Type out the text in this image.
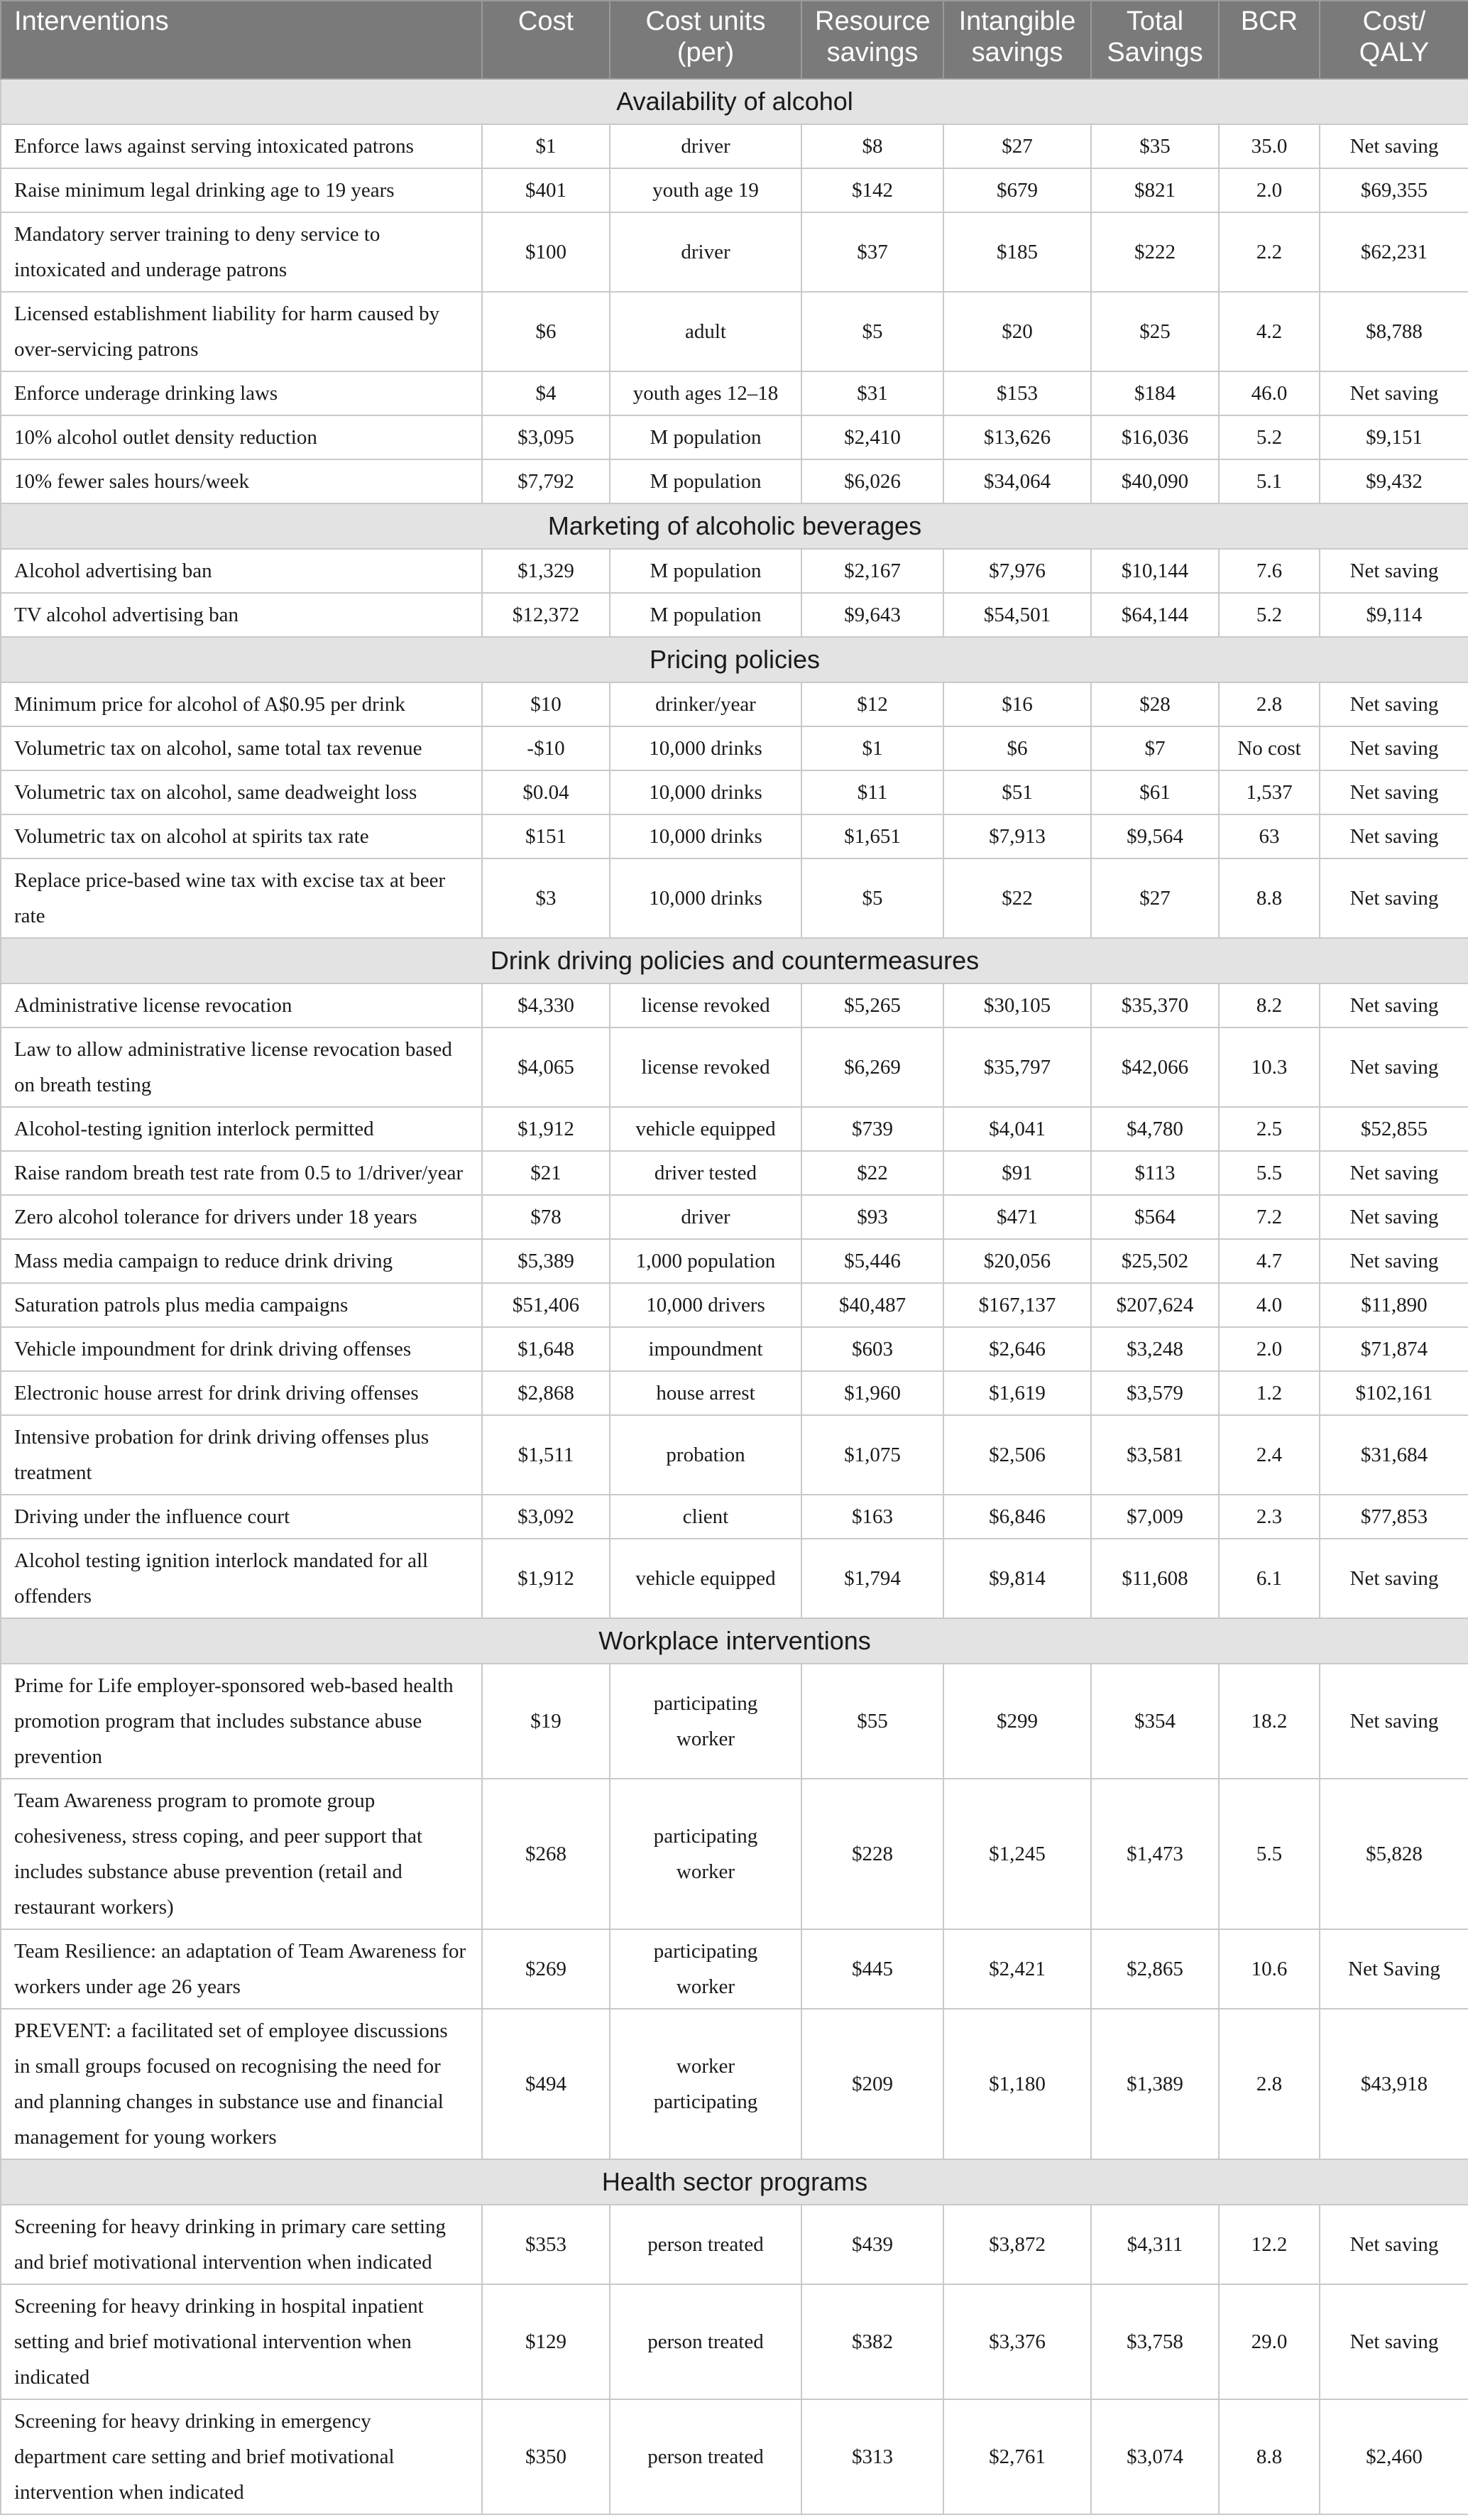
Interventions	Cost	Cost units (per)	Resource savings	Intangible savings	Total Savings	BCR	Cost/ QALY
Availability of alcohol							
Enforce laws against serving intoxicated patrons	$1	driver	$8	$27	$35	35.0	Net saving
Raise minimum legal drinking age to 19 years	$401	youth age 19	$142	$679	$821	2.0	$69,355
Mandatory server training to deny service to intoxicated and underage patrons	$100	driver	$37	$185	$222	2.2	$62,231
Licensed establishment liability for harm caused by over-servicing patrons	$6	adult	$5	$20	$25	4.2	$8,788
Enforce underage drinking laws	$4	youth ages 12–18	$31	$153	$184	46.0	Net saving
10% alcohol outlet density reduction	$3,095	M population	$2,410	$13,626	$16,036	5.2	$9,151
10% fewer sales hours/week	$7,792	M population	$6,026	$34,064	$40,090	5.1	$9,432
Marketing of alcoholic beverages							
Alcohol advertising ban	$1,329	M population	$2,167	$7,976	$10,144	7.6	Net saving
TV alcohol advertising ban	$12,372	M population	$9,643	$54,501	$64,144	5.2	$9,114
Pricing policies							
Minimum price for alcohol of A$0.95 per drink	$10	drinker/year	$12	$16	$28	2.8	Net saving
Volumetric tax on alcohol, same total tax revenue	-$10	10,000 drinks	$1	$6	$7	No cost	Net saving
Volumetric tax on alcohol, same deadweight loss	$0.04	10,000 drinks	$11	$51	$61	1,537	Net saving
Volumetric tax on alcohol at spirits tax rate	$151	10,000 drinks	$1,651	$7,913	$9,564	63	Net saving
Replace price-based wine tax with excise tax at beer rate	$3	10,000 drinks	$5	$22	$27	8.8	Net saving
Drink driving policies and countermeasures							
Administrative license revocation	$4,330	license revoked	$5,265	$30,105	$35,370	8.2	Net saving
Law to allow administrative license revocation based on breath testing	$4,065	license revoked	$6,269	$35,797	$42,066	10.3	Net saving
Alcohol-testing ignition interlock permitted	$1,912	vehicle equipped	$739	$4,041	$4,780	2.5	$52,855
Raise random breath test rate from 0.5 to 1/driver/year	$21	driver tested	$22	$91	$113	5.5	Net saving
Zero alcohol tolerance for drivers under 18 years	$78	driver	$93	$471	$564	7.2	Net saving
Mass media campaign to reduce drink driving	$5,389	1,000 population	$5,446	$20,056	$25,502	4.7	Net saving
Saturation patrols plus media campaigns	$51,406	10,000 drivers	$40,487	$167,137	$207,624	4.0	$11,890
Vehicle impoundment for drink driving offenses	$1,648	impoundment	$603	$2,646	$3,248	2.0	$71,874
Electronic house arrest for drink driving offenses	$2,868	house arrest	$1,960	$1,619	$3,579	1.2	$102,161
Intensive probation for drink driving offenses plus treatment	$1,511	probation	$1,075	$2,506	$3,581	2.4	$31,684
Driving under the influence court	$3,092	client	$163	$6,846	$7,009	2.3	$77,853
Alcohol testing ignition interlock mandated for all offenders	$1,912	vehicle equipped	$1,794	$9,814	$11,608	6.1	Net saving
Workplace interventions							
Prime for Life employer-sponsored web-based health promotion program that includes substance abuse prevention	$19	participating worker	$55	$299	$354	18.2	Net saving
Team Awareness program to promote group cohesiveness, stress coping, and peer support that includes substance abuse prevention (retail and restaurant workers)	$268	participating worker	$228	$1,245	$1,473	5.5	$5,828
Team Resilience: an adaptation of Team Awareness for workers under age 26 years	$269	participating worker	$445	$2,421	$2,865	10.6	Net Saving
PREVENT: a facilitated set of employee discussions in small groups focused on recognising the need for and planning changes in substance use and financial management for young workers	$494	worker participating	$209	$1,180	$1,389	2.8	$43,918
Health sector programs							
Screening for heavy drinking in primary care setting and brief motivational intervention when indicated	$353	person treated	$439	$3,872	$4,311	12.2	Net saving
Screening for heavy drinking in hospital inpatient setting and brief motivational intervention when indicated	$129	person treated	$382	$3,376	$3,758	29.0	Net saving
Screening for heavy drinking in emergency department care setting and brief motivational intervention when indicated	$350	person treated	$313	$2,761	$3,074	8.8	$2,460
